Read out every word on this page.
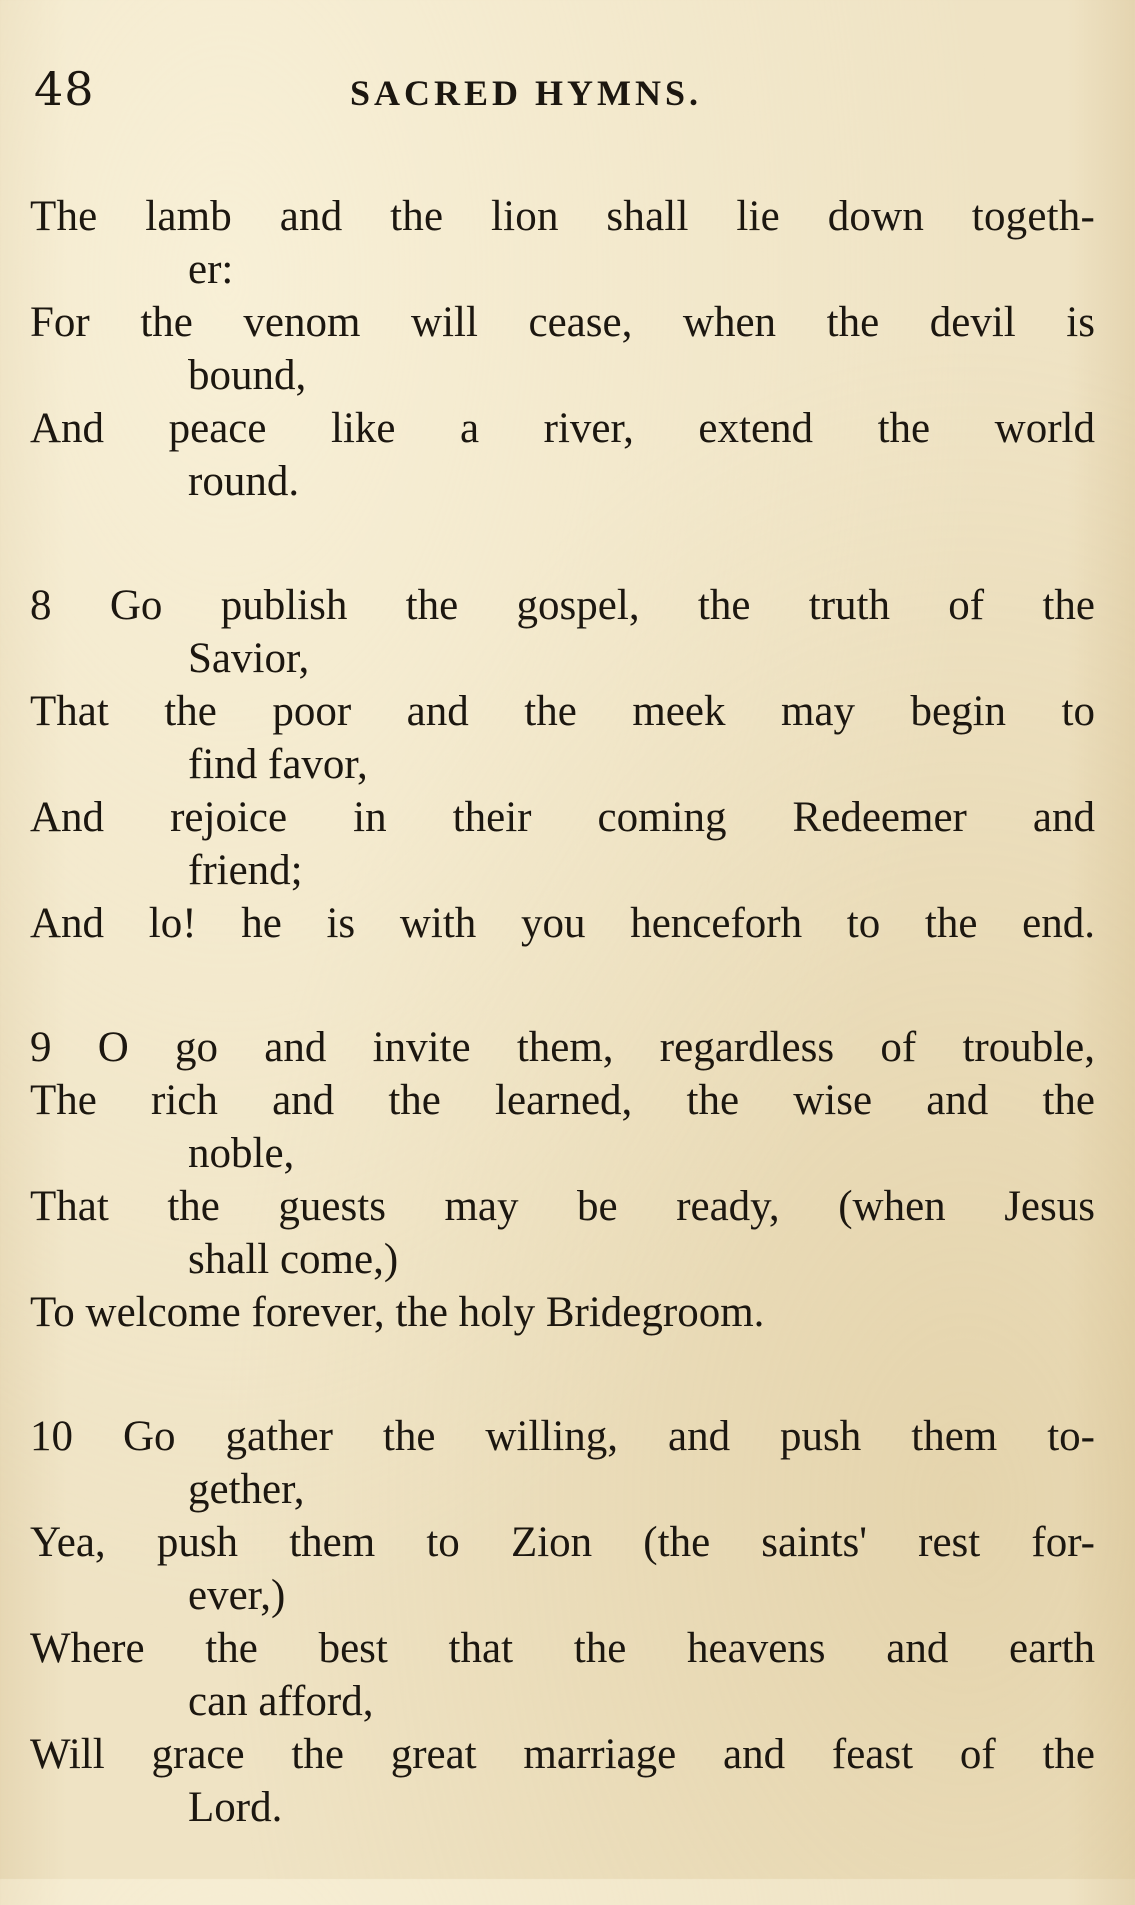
48	SACRED HYMNS.
The lamb and the lion shall lie down togeth-
er:
For the venom will cease, when the devil is
bound,
And peace like a river, extend the world
round.
8 Go publish the gospel, the truth of the
Savior,
That the poor and the meek may begin to
find favor,
And rejoice in their coming Redeemer and
friend;
And lo! he is with you henceforh to the end.
9 O go and invite them, regardless of trouble,
The rich and the learned, the wise and the
noble,
That the guests may be ready, (when Jesus
shall come,)
To welcome forever, the holy Bridegroom.
10 Go gather the willing, and push them to-
gether,
Yea, push them to Zion (the saints' rest for-
ever,)
Where the best that the heavens and earth
can afford,
Will grace the great marriage and feast of the
Lord.
